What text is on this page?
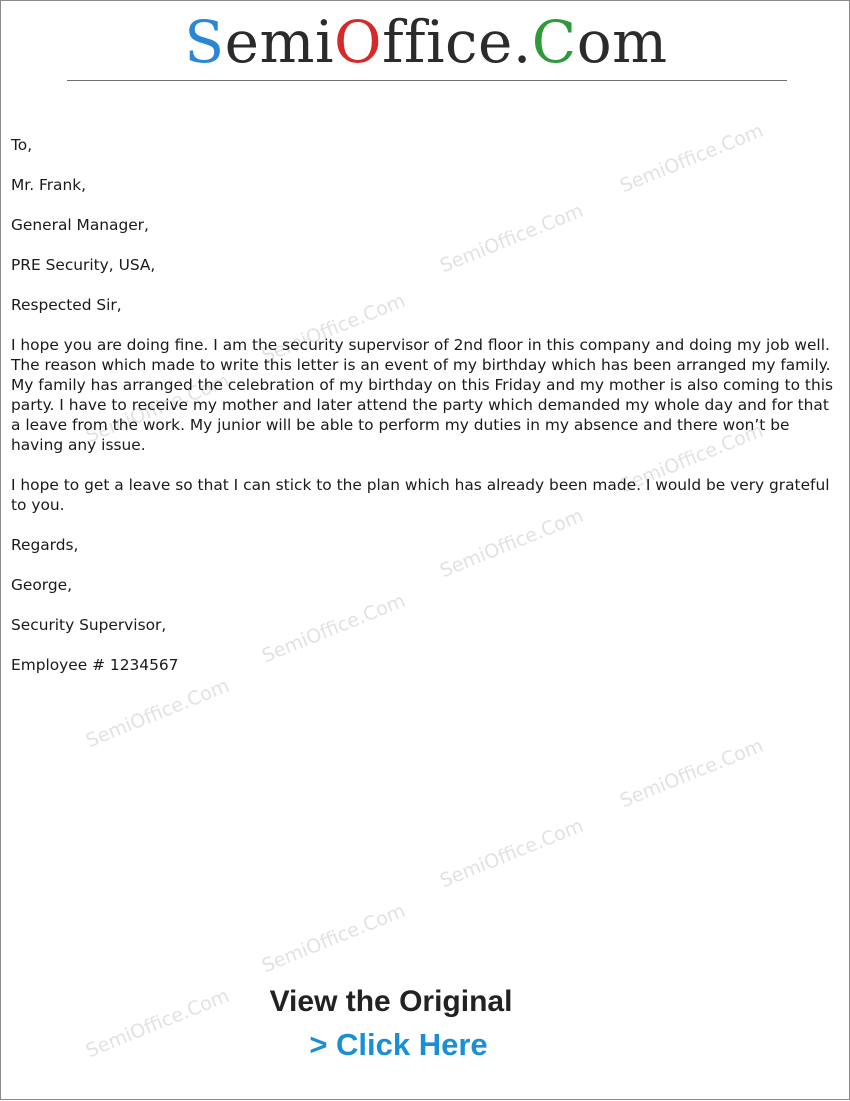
SemiOffice.Com
SemiOffice.Com
SemiOffice.Com
SemiOffice.Com
SemiOffice.Com
SemiOffice.Com
SemiOffice.Com
SemiOffice.Com
SemiOffice.Com
SemiOffice.Com
SemiOffice.Com
SemiOffice.Com
SemiOffice.Com

To,

Mr. Frank,

General Manager,

PRE Security, USA,

Respected Sir,

I hope you are doing fine. I am the security supervisor of 2nd floor in this company and doing my job well. The reason which made to write this letter is an event of my birthday which has been arranged my family. My family has arranged the celebration of my birthday on this Friday and my mother is also coming to this party. I have to receive my mother and later attend the party which demanded my whole day and for that a leave from the work. My junior will be able to perform my duties in my absence and there won’t be having any issue.

I hope to get a leave so that I can stick to the plan which has already been made. I would be very grateful to you.

Regards,

George,

Security Supervisor,

Employee # 1234567

View the Original
> Click Here
